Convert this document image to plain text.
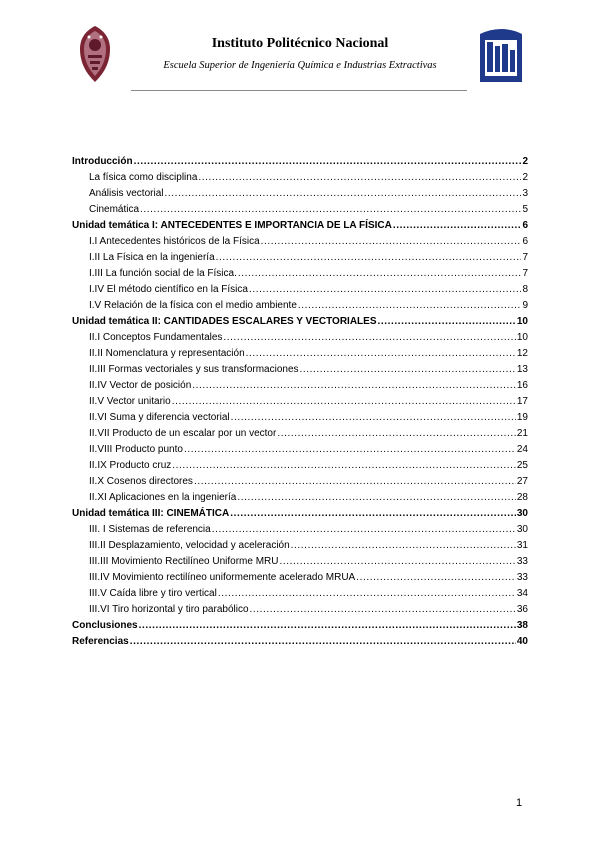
Instituto Politécnico Nacional
Escuela Superior de Ingeniería Química e Industrias Extractivas
Introducción .....	2
La física como disciplina .....	2
Análisis vectorial .....	3
Cinemática .....	5
Unidad temática I: ANTECEDENTES E IMPORTANCIA DE LA FÍSICA .....	6
I.I Antecedentes históricos de la Física .....	6
I.II La Física en la ingeniería .....	7
I.III La función social de la Física. .....	7
I.IV El método científico en la Física .....	8
I.V Relación de la física con el medio ambiente .....	9
Unidad temática II: CANTIDADES ESCALARES Y VECTORIALES .....	10
II.I Conceptos Fundamentales .....	10
II.II Nomenclatura y representación .....	12
II.III Formas vectoriales y sus transformaciones .....	13
II.IV Vector de posición .....	16
II.V Vector unitario .....	17
II.VI Suma y diferencia vectorial .....	19
II.VII Producto de un escalar por un vector .....	21
II.VIII Producto punto .....	24
II.IX Producto cruz .....	25
II.X Cosenos directores .....	27
II.XI Aplicaciones en la ingeniería .....	28
Unidad temática III: CINEMÁTICA .....	30
III. I Sistemas de referencia .....	30
III.II Desplazamiento, velocidad y aceleración .....	31
III.III Movimiento Rectilíneo Uniforme MRU .....	33
III.IV Movimiento rectilíneo uniformemente acelerado MRUA .....	33
III.V Caída libre y tiro vertical .....	34
III.VI Tiro horizontal y tiro parabólico .....	36
Conclusiones .....	38
Referencias .....	40
1
